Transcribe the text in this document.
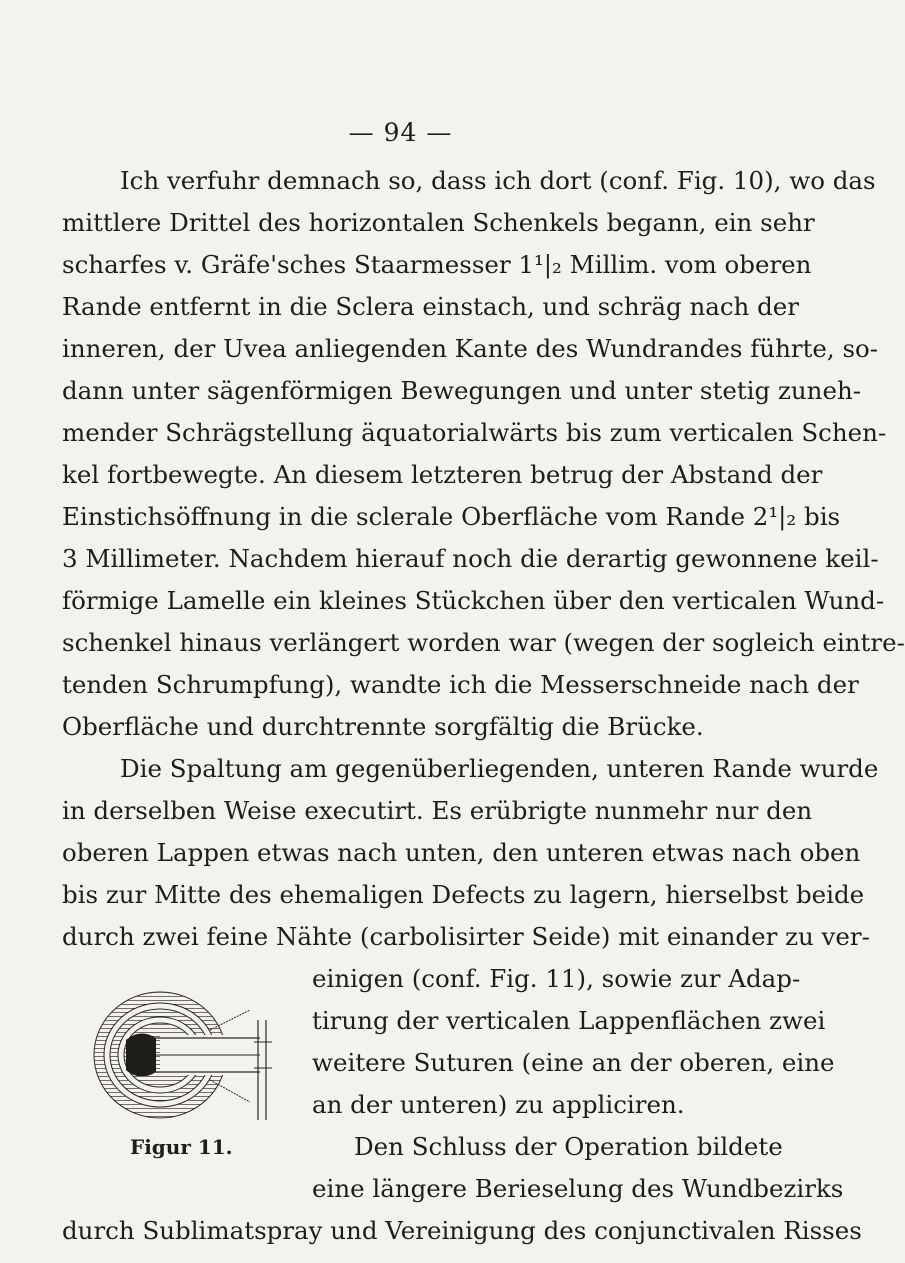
— 94 —
Ich verfuhr demnach so, dass ich dort (conf. Fig. 10), wo das
mittlere Drittel des horizontalen Schenkels begann, ein sehr
scharfes v. Gräfe'sches Staarmesser 1¹|₂ Millim. vom oberen
Rande entfernt in die Sclera einstach, und schräg nach der
inneren, der Uvea anliegenden Kante des Wundrandes führte, so-
dann unter sägenförmigen Bewegungen und unter stetig zuneh-
mender Schrägstellung äquatorialwärts bis zum verticalen Schen-
kel fortbewegte. An diesem letzteren betrug der Abstand der
Einstichsöffnung in die sclerale Oberfläche vom Rande 2¹|₂ bis
3 Millimeter. Nachdem hierauf noch die derartig gewonnene keil-
förmige Lamelle ein kleines Stückchen über den verticalen Wund-
schenkel hinaus verlängert worden war (wegen der sogleich eintre-
tenden Schrumpfung), wandte ich die Messerschneide nach der
Oberfläche und durchtrennte sorgfältig die Brücke.
Die Spaltung am gegenüberliegenden, unteren Rande wurde
in derselben Weise executirt. Es erübrigte nunmehr nur den
oberen Lappen etwas nach unten, den unteren etwas nach oben
bis zur Mitte des ehemaligen Defects zu lagern, hierselbst beide
durch zwei feine Nähte (carbolisirter Seide) mit einander zu ver-
einigen (conf. Fig. 11), sowie zur Adap-
tirung der verticalen Lappenflächen zwei
weitere Suturen (eine an der oberen, eine
an der unteren) zu appliciren.
Den Schluss der Operation bildete
eine längere Berieselung des Wundbezirks
durch Sublimatspray und Vereinigung des conjunctivalen Risses
Figur 11.
